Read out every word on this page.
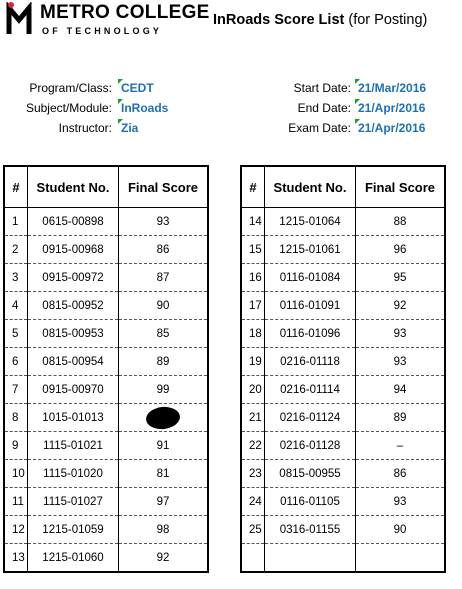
METRO COLLEGE
OF TECHNOLOGY
InRoads Score List (for Posting)
Program/Class: CEDT
Subject/Module: InRoads
Instructor: Zia
Start Date: 21/Mar/2016
End Date: 21/Apr/2016
Exam Date: 21/Apr/2016
#	Student No.	Final Score
1	0615-00898	93
2	0915-00968	86
3	0915-00972	87
4	0815-00952	90
5	0815-00953	85
6	0815-00954	89
7	0915-00970	99
8	1015-01013	
9	1115-01021	91
10	1115-01020	81
11	1115-01027	97
12	1215-01059	98
13	1215-01060	92
#	Student No.	Final Score
14	1215-01064	88
15	1215-01061	96
16	0116-01084	95
17	0116-01091	92
18	0116-01096	93
19	0216-01118	93
20	0216-01114	94
21	0216-01124	89
22	0216-01128	–
23	0815-00955	86
24	0116-01105	93
25	0316-01155	90
